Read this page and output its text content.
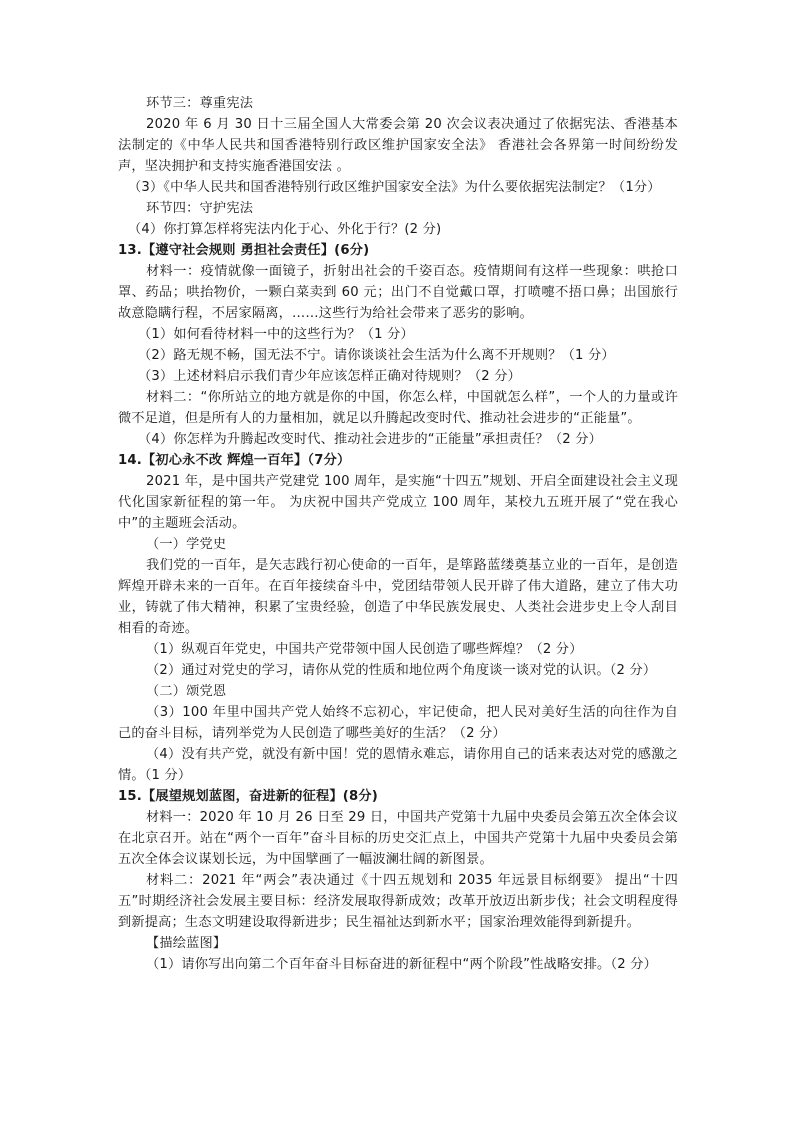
环节三：尊重宪法

2020 年 6 月 30 日十三届全国人大常委会第 20 次会议表决通过了依据宪法、香港基本法制定的《中华人民共和国香港特别行政区维护国家安全法》 香港社会各界第一时间纷纷发声，坚决拥护和支持实施香港国安法 。

（3）《中华人民共和国香港特别行政区维护国家安全法》为什么要依据宪法制定？（1分）

环节四：守护宪法

（4）你打算怎样将宪法内化于心、外化于行？(2 分)

13.【遵守社会规则 勇担社会责任】(6分)

材料一：疫情就像一面镜子，折射出社会的千姿百态。疫情期间有这样一些现象：哄抢口罩、药品；哄抬物价，一颗白菜卖到 60 元；出门不自觉戴口罩，打喷嚏不捂口鼻；出国旅行故意隐瞒行程，不居家隔离，……这些行为给社会带来了恶劣的影响。

（1）如何看待材料一中的这些行为？（1 分）

（2）路无规不畅，国无法不宁。请你谈谈社会生活为什么离不开规则？（1 分）

（3）上述材料启示我们青少年应该怎样正确对待规则？（2 分）

材料二：“你所站立的地方就是你的中国，你怎么样，中国就怎么样”，一个人的力量或许微不足道，但是所有人的力量相加，就足以升腾起改变时代、推动社会进步的“正能量”。

（4）你怎样为升腾起改变时代、推动社会进步的“正能量”承担责任？（2 分）

14.【初心永不改 辉煌一百年】（7分）

2021 年，是中国共产党建党 100 周年，是实施“十四五”规划、开启全面建设社会主义现代化国家新征程的第一年。 为庆祝中国共产党成立 100 周年，某校九五班开展了“党在我心中”的主题班会活动。

（一）学党史

我们党的一百年，是矢志践行初心使命的一百年，是筚路蓝缕奠基立业的一百年，是创造辉煌开辟未来的一百年。在百年接续奋斗中，党团结带领人民开辟了伟大道路，建立了伟大功业，铸就了伟大精神，积累了宝贵经验，创造了中华民族发展史、人类社会进步史上令人刮目相看的奇迹。

（1）纵观百年党史，中国共产党带领中国人民创造了哪些辉煌？（2 分）

（2）通过对党史的学习，请你从党的性质和地位两个角度谈一谈对党的认识。（2 分）

（二）颂党恩

（3）100 年里中国共产党人始终不忘初心，牢记使命，把人民对美好生活的向往作为自己的奋斗目标，请列举党为人民创造了哪些美好的生活？（2 分）

（4）没有共产党，就没有新中国！党的恩情永难忘，请你用自己的话来表达对党的感激之情。（1 分）

15.【展望规划蓝图，奋进新的征程】(8分)

材料一：2020 年 10 月 26 日至 29 日，中国共产党第十九届中央委员会第五次全体会议在北京召开。站在“两个一百年”奋斗目标的历史交汇点上，中国共产党第十九届中央委员会第五次全体会议谋划长远，为中国擘画了一幅波澜壮阔的新图景。

材料二：2021 年“两会”表决通过《十四五规划和 2035 年远景目标纲要》 提出“十四五”时期经济社会发展主要目标：经济发展取得新成效；改革开放迈出新步伐；社会文明程度得到新提高；生态文明建设取得新进步；民生福祉达到新水平；国家治理效能得到新提升。

【描绘蓝图】

（1）请你写出向第二个百年奋斗目标奋进的新征程中“两个阶段”性战略安排。（2 分）
